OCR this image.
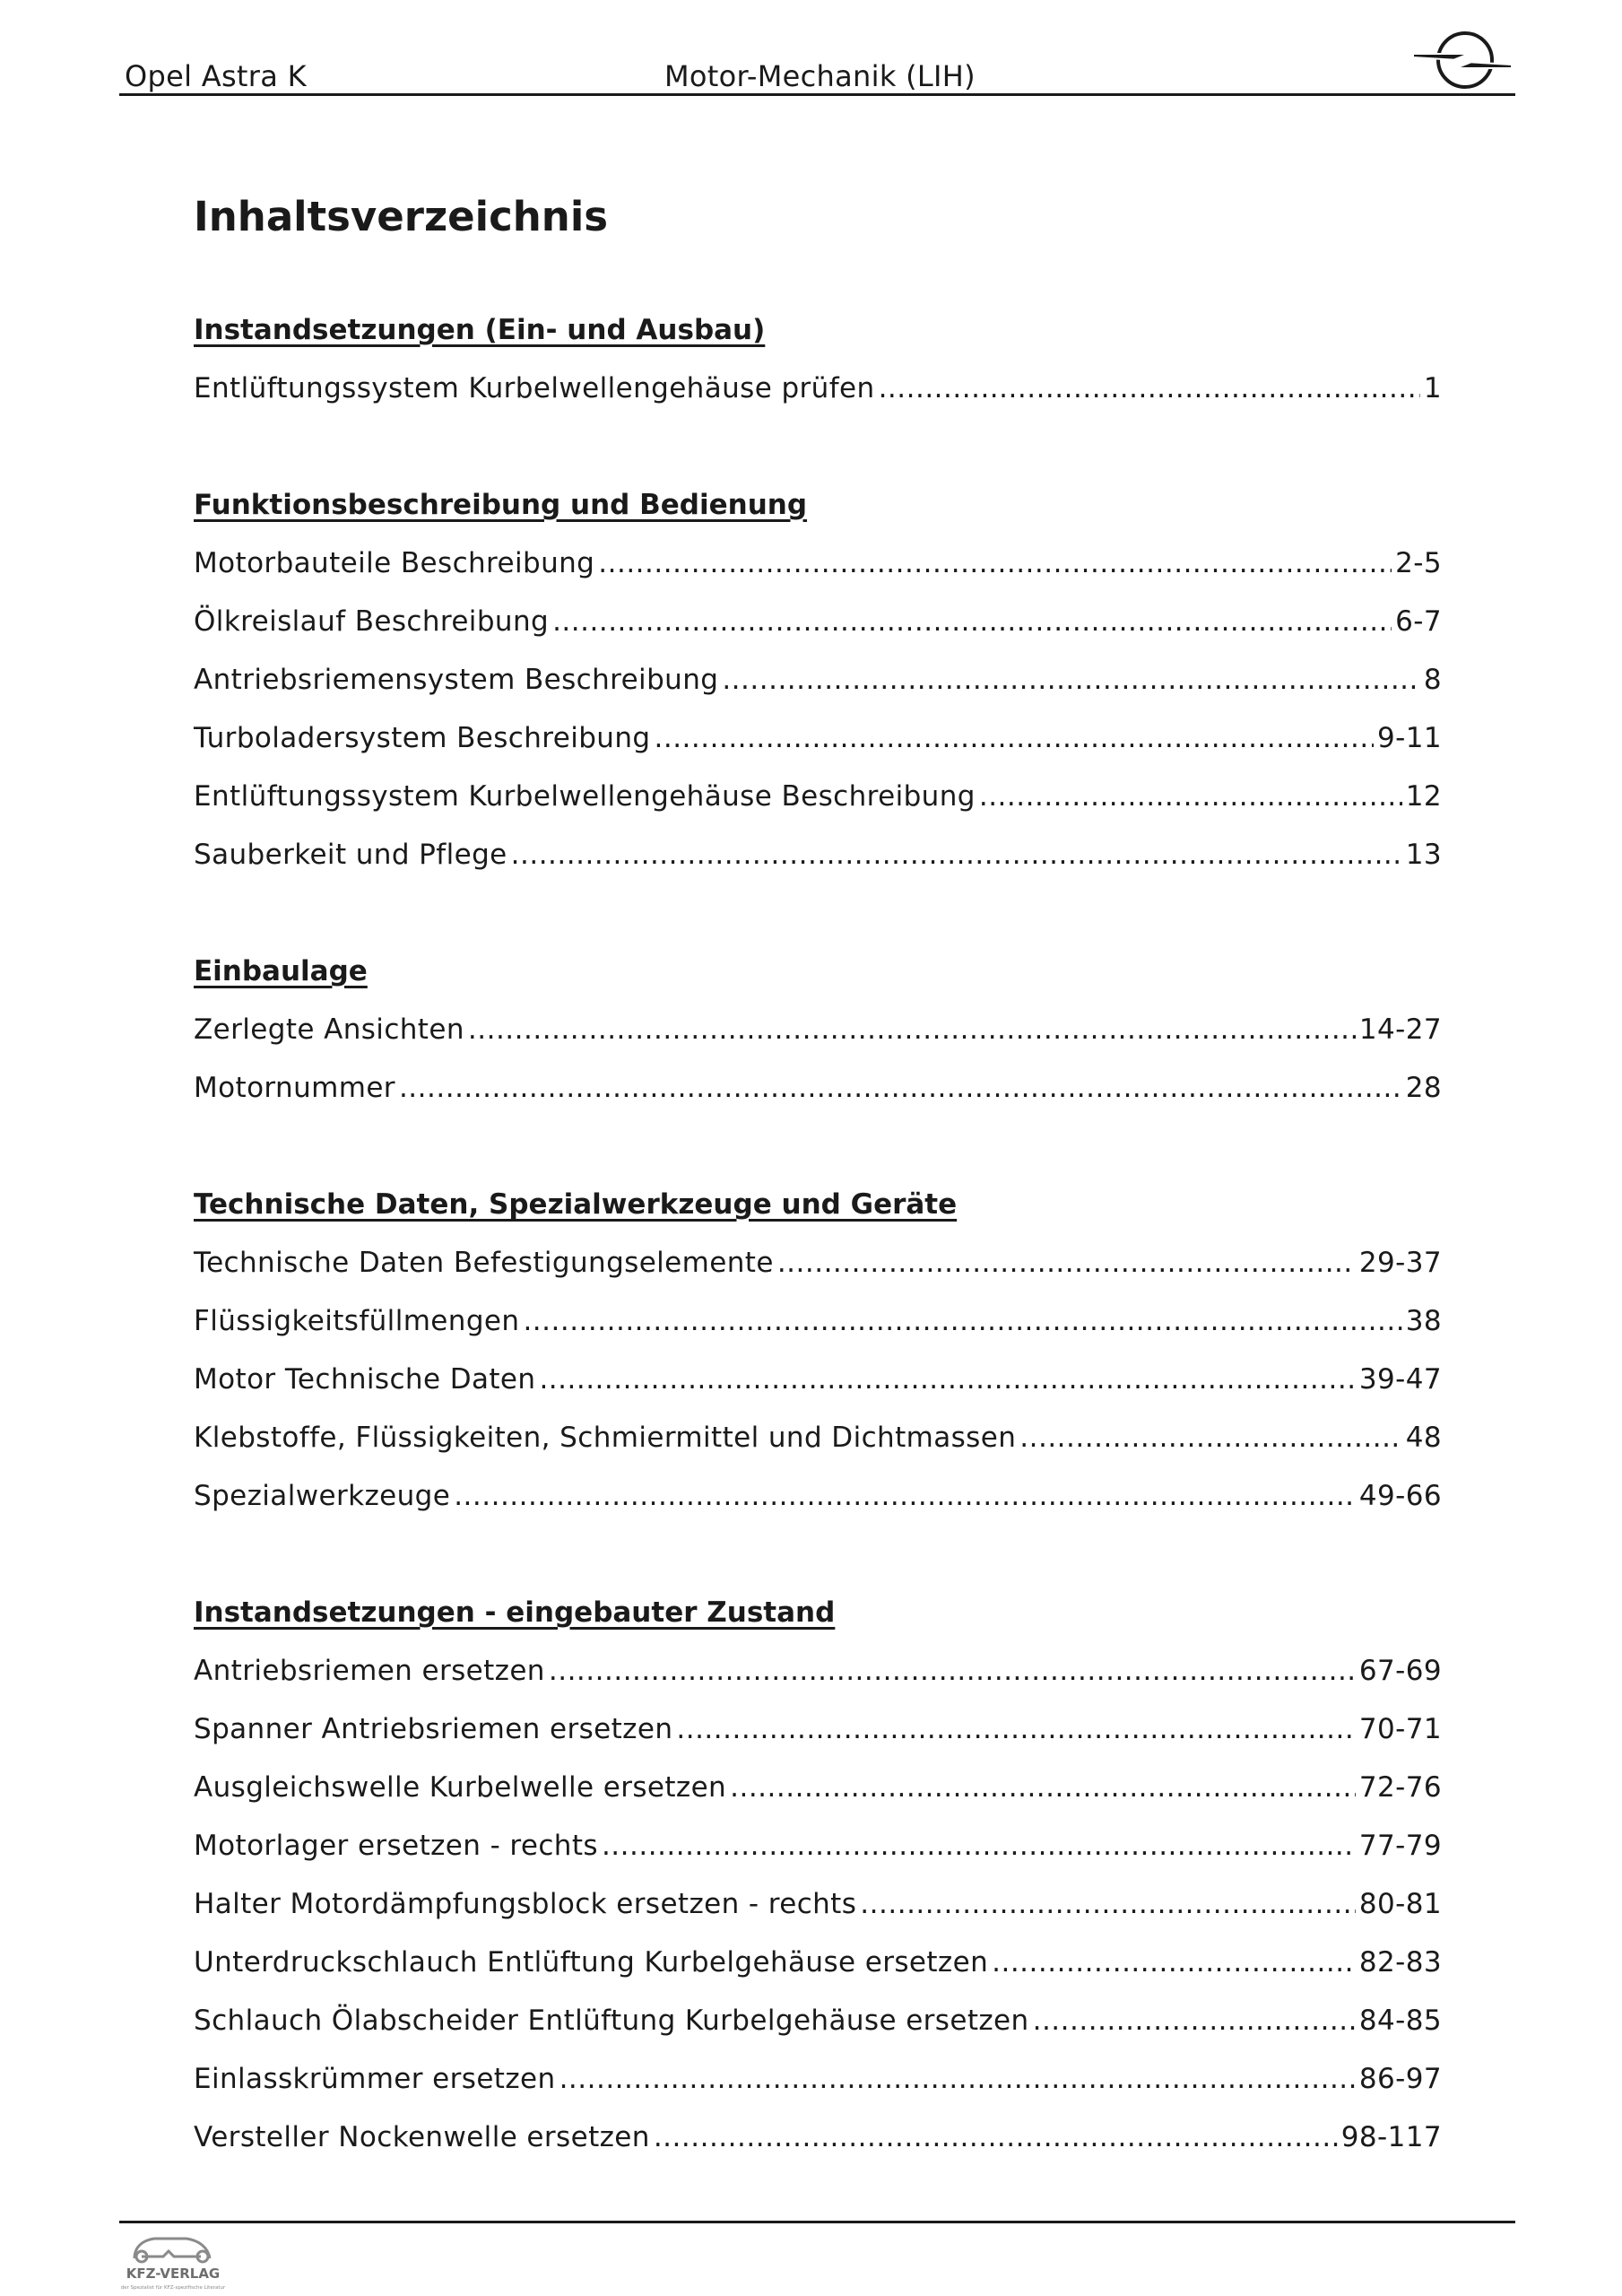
Opel Astra K	Motor-Mechanik (LIH)
Inhaltsverzeichnis
Instandsetzungen (Ein- und Ausbau)
Entlüftungssystem Kurbelwellengehäuse prüfen .....	1
Funktionsbeschreibung und Bedienung
Motorbauteile Beschreibung .....	2-5
Ölkreislauf Beschreibung .....	6-7
Antriebsriemensystem Beschreibung .....	8
Turboladersystem Beschreibung .....	9-11
Entlüftungssystem Kurbelwellengehäuse Beschreibung .....	12
Sauberkeit und Pflege .....	13
Einbaulage
Zerlegte Ansichten .....	14-27
Motornummer .....	28
Technische Daten, Spezialwerkzeuge und Geräte
Technische Daten Befestigungselemente .....	29-37
Flüssigkeitsfüllmengen .....	38
Motor Technische Daten .....	39-47
Klebstoffe, Flüssigkeiten, Schmiermittel und Dichtmassen .....	48
Spezialwerkzeuge .....	49-66
Instandsetzungen - eingebauter Zustand
Antriebsriemen ersetzen .....	67-69
Spanner Antriebsriemen ersetzen .....	70-71
Ausgleichswelle Kurbelwelle ersetzen .....	72-76
Motorlager ersetzen - rechts .....	77-79
Halter Motordämpfungsblock ersetzen - rechts .....	80-81
Unterdruckschlauch Entlüftung Kurbelgehäuse ersetzen .....	82-83
Schlauch Ölabscheider Entlüftung Kurbelgehäuse ersetzen .....	84-85
Einlasskrümmer ersetzen .....	86-97
Versteller Nockenwelle ersetzen .....	98-117
KFZ-VERLAG
der Spezialist für KFZ-spezifische Literatur
